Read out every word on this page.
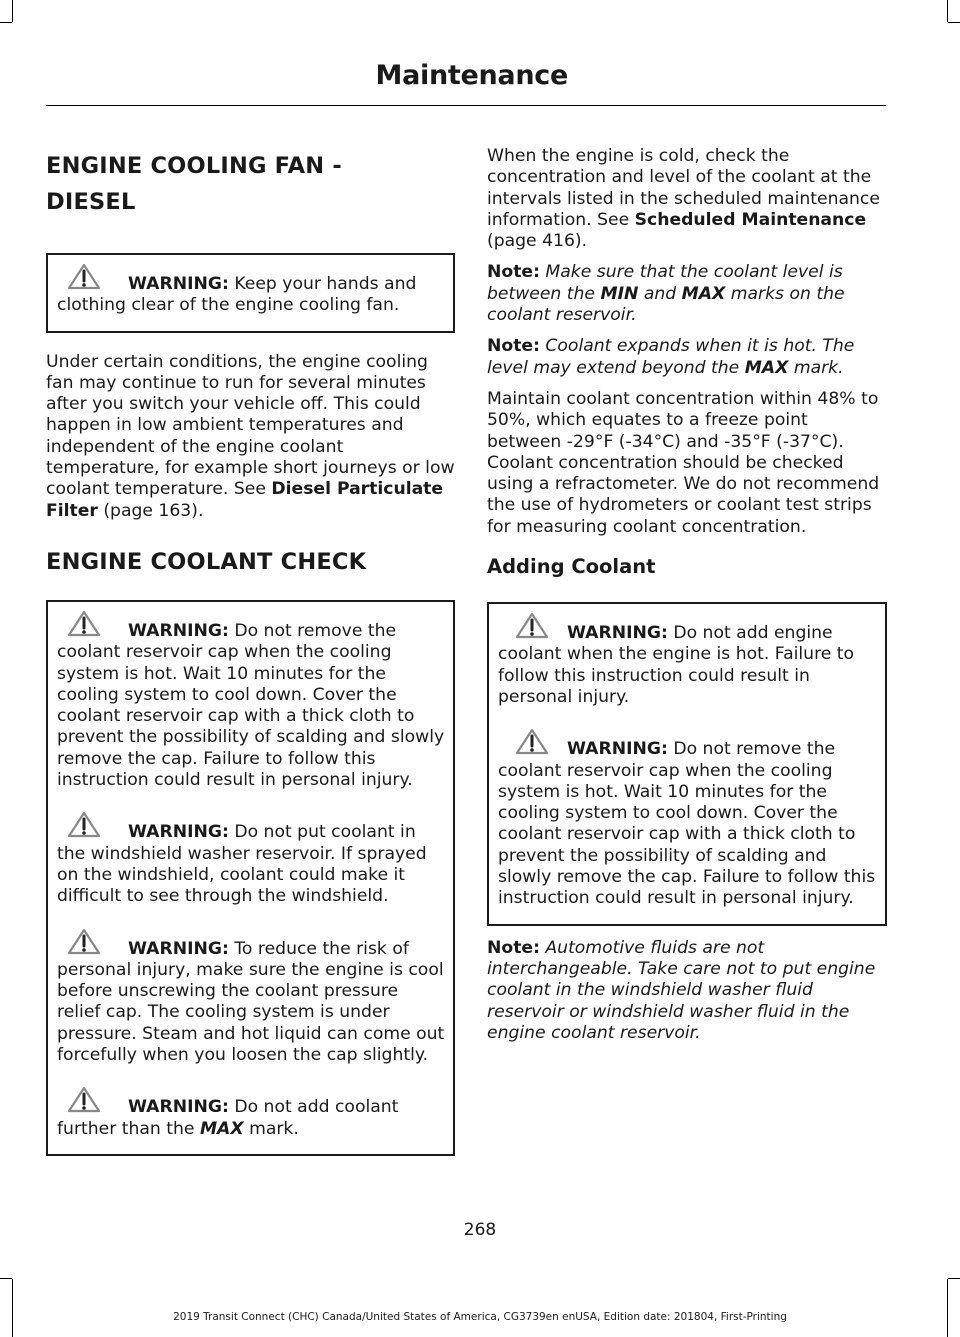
Maintenance
ENGINE COOLING FAN -
DIESEL
WARNING: Keep your hands and clothing clear of the engine cooling fan.

Under certain conditions, the engine cooling fan may continue to run for several minutes after you switch your vehicle off. This could happen in low ambient temperatures and independent of the engine coolant temperature, for example short journeys or low coolant temperature. See Diesel Particulate Filter (page 163).

ENGINE COOLANT CHECK
WARNING: Do not remove the coolant reservoir cap when the cooling system is hot. Wait 10 minutes for the cooling system to cool down. Cover the coolant reservoir cap with a thick cloth to prevent the possibility of scalding and slowly remove the cap. Failure to follow this instruction could result in personal injury.
WARNING: Do not put coolant in the windshield washer reservoir. If sprayed on the windshield, coolant could make it difficult to see through the windshield.
WARNING: To reduce the risk of personal injury, make sure the engine is cool before unscrewing the coolant pressure relief cap. The cooling system is under pressure. Steam and hot liquid can come out forcefully when you loosen the cap slightly.
WARNING: Do not add coolant further than the MAX mark.

When the engine is cold, check the concentration and level of the coolant at the intervals listed in the scheduled maintenance information. See Scheduled Maintenance (page 416).

Note: Make sure that the coolant level is between the MIN and MAX marks on the coolant reservoir.

Note: Coolant expands when it is hot. The level may extend beyond the MAX mark.

Maintain coolant concentration within 48% to 50%, which equates to a freeze point between -29°F (-34°C) and -35°F (-37°C). Coolant concentration should be checked using a refractometer. We do not recommend the use of hydrometers or coolant test strips for measuring coolant concentration.

Adding Coolant
WARNING: Do not add engine coolant when the engine is hot. Failure to follow this instruction could result in personal injury.
WARNING: Do not remove the coolant reservoir cap when the cooling system is hot. Wait 10 minutes for the cooling system to cool down. Cover the coolant reservoir cap with a thick cloth to prevent the possibility of scalding and slowly remove the cap. Failure to follow this instruction could result in personal injury.

Note: Automotive fluids are not interchangeable. Take care not to put engine coolant in the windshield washer fluid reservoir or windshield washer fluid in the engine coolant reservoir.

268
2019 Transit Connect (CHC) Canada/United States of America, CG3739en enUSA, Edition date: 201804, First-Printing
